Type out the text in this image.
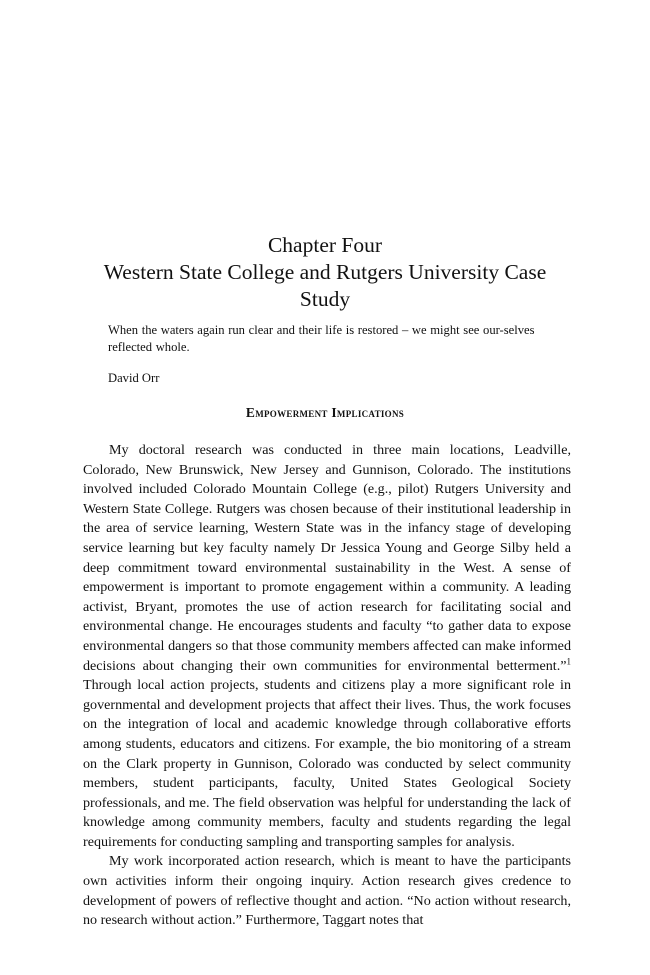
Chapter Four
Western State College and Rutgers University Case
Study

When the waters again run clear and their life is restored – we might see our-selves reflected whole.

David Orr

Empowerment Implications

My doctoral research was conducted in three main locations, Leadville, Colorado, New Brunswick, New Jersey and Gunnison, Colorado. The institutions involved included Colorado Mountain College (e.g., pilot) Rutgers University and Western State College. Rutgers was chosen because of their institutional leadership in the area of service learning, Western State was in the infancy stage of developing service learning but key faculty namely Dr Jessica Young and George Silby held a deep commitment toward environmental sustainability in the West. A sense of empowerment is important to promote engagement within a community. A leading activist, Bryant, promotes the use of action research for facilitating social and environmental change. He encourages students and faculty “to gather data to expose environmental dangers so that those community members affected can make informed decisions about changing their own communities for environmental betterment.”$^1$ Through local action projects, students and citizens play a more significant role in governmental and development projects that affect their lives. Thus, the work focuses on the integration of local and academic knowledge through collaborative efforts among students, educators and citizens. For example, the bio monitoring of a stream on the Clark property in Gunnison, Colorado was conducted by select community members, student participants, faculty, United States Geological Society professionals, and me. The field observation was helpful for understanding the lack of knowledge among community members, faculty and students regarding the legal requirements for conducting sampling and transporting samples for analysis.

My work incorporated action research, which is meant to have the participants own activities inform their ongoing inquiry. Action research gives credence to development of powers of reflective thought and action. “No action without research, no research without action.” Furthermore, Taggart notes that
